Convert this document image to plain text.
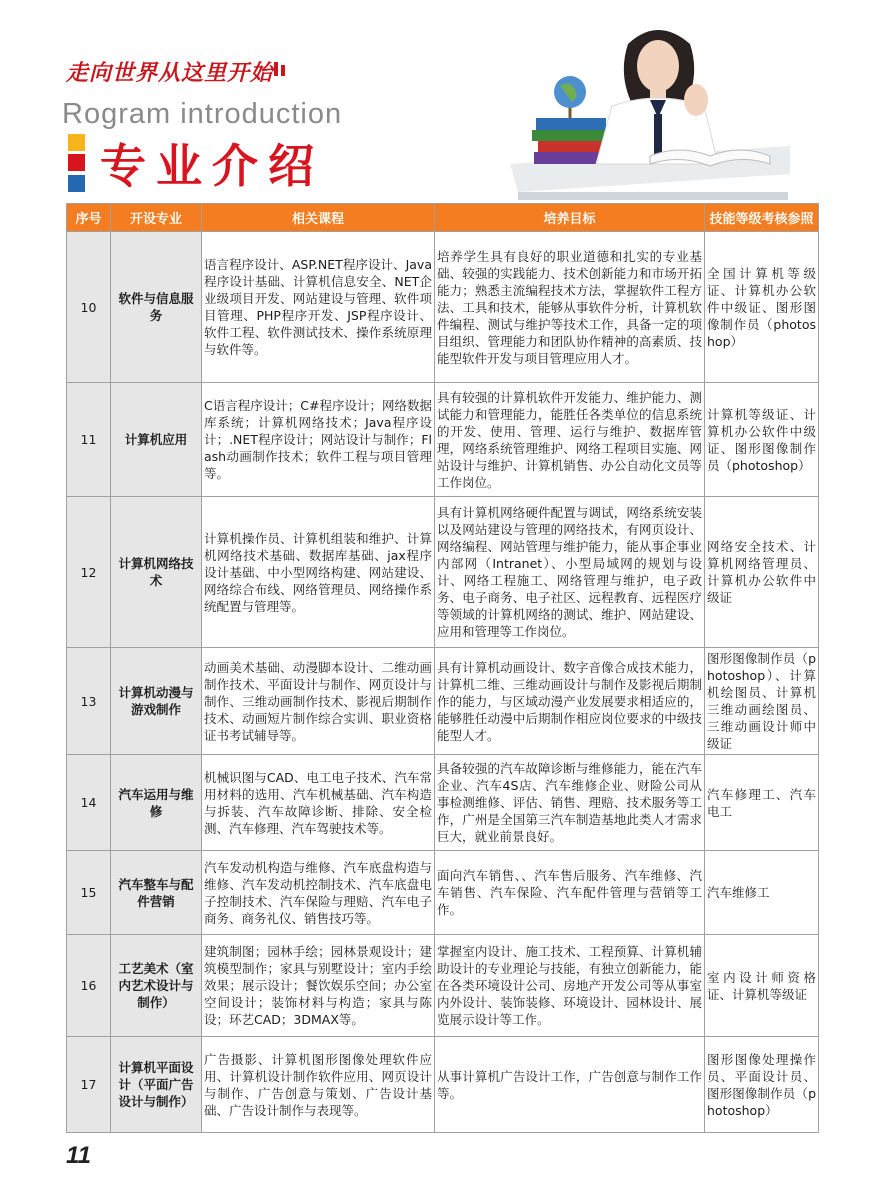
走向世界从这里开始
Rogram introduction
专业介绍
序号	开设专业	相关课程	培养目标	技能等级考核参照
10	软件与信息服务	语言程序设计、ASP.NET程序设计、Java程序设计基础、计算机信息安全、NET企业级项目开发、网站建设与管理、软件项目管理、PHP程序开发、JSP程序设计、软件工程、软件测试技术、操作系统原理与软件等。	培养学生具有良好的职业道德和扎实的专业基础、较强的实践能力、技术创新能力和市场开拓能力；熟悉主流编程技术方法，掌握软件工程方法、工具和技术，能够从事软件分析，计算机软件编程、测试与维护等技术工作，具备一定的项目组织、管理能力和团队协作精神的高素质、技能型软件开发与项目管理应用人才。	全国计算机等级证、计算机办公软件中级证、图形图像制作员（photoshop）
11	计算机应用	C语言程序设计；C#程序设计；网络数据库系统；计算机网络技术；Java程序设计；.NET程序设计；网站设计与制作；Flash动画制作技术；软件工程与项目管理等。	具有较强的计算机软件开发能力、维护能力、测试能力和管理能力，能胜任各类单位的信息系统的开发、使用、管理、运行与维护、数据库管理，网络系统管理维护、网络工程项目实施、网站设计与维护、计算机销售、办公自动化文员等工作岗位。	计算机等级证、计算机办公软件中级证、图形图像制作员（photoshop）
12	计算机网络技术	计算机操作员、计算机组装和维护、计算机网络技术基础、数据库基础、jax程序设计基础、中小型网络构建、网站建设、网络综合布线、网络管理员、网络操作系统配置与管理等。	具有计算机网络硬件配置与调试，网络系统安装以及网站建设与管理的网络技术，有网页设计、网络编程、网站管理与维护能力，能从事企事业内部网（Intranet）、小型局域网的规划与设计、网络工程施工、网络管理与维护，电子政务、电子商务、电子社区、远程教育、远程医疗等领域的计算机网络的测试、维护、网站建设、应用和管理等工作岗位。	网络安全技术、计算机网络管理员、计算机办公软件中级证
13	计算机动漫与游戏制作	动画美术基础、动漫脚本设计、二维动画制作技术、平面设计与制作、网页设计与制作、三维动画制作技术、影视后期制作技术、动画短片制作综合实训、职业资格证书考试辅导等。	具有计算机动画设计、数字音像合成技术能力，计算机二维、三维动画设计与制作及影视后期制作的能力，与区域动漫产业发展要求相适应的，能够胜任动漫中后期制作相应岗位要求的中级技能型人才。	图形图像制作员（photoshop）、计算机绘图员、计算机三维动画绘图员、三维动画设计师中级证
14	汽车运用与维修	机械识图与CAD、电工电子技术、汽车常用材料的选用、汽车机械基础、汽车构造与拆装、汽车故障诊断、排除、安全检测、汽车修理、汽车驾驶技术等。	具备较强的汽车故障诊断与维修能力，能在汽车企业、汽车4S店、汽车维修企业、财险公司从事检测维修、评估、销售、理赔、技术服务等工作，广州是全国第三汽车制造基地此类人才需求巨大，就业前景良好。	汽车修理工、汽车电工
15	汽车整车与配件营销	汽车发动机构造与维修、汽车底盘构造与维修、汽车发动机控制技术、汽车底盘电子控制技术、汽车保险与理赔、汽车电子商务、商务礼仪、销售技巧等。	面向汽车销售、、汽车售后服务、汽车维修、汽车销售、汽车保险、汽车配件管理与营销等工作。	汽车维修工
16	工艺美术（室内艺术设计与制作）	建筑制图；园林手绘；园林景观设计；建筑模型制作；家具与别墅设计；室内手绘效果；展示设计；餐饮娱乐空间；办公室空间设计；装饰材料与构造；家具与陈设；环艺CAD；3DMAX等。	掌握室内设计、施工技术、工程预算、计算机辅助设计的专业理论与技能，有独立创新能力，能在各类环境设计公司、房地产开发公司等从事室内外设计、装饰装修、环境设计、园林设计、展览展示设计等工作。	室内设计师资格证、计算机等级证
17	计算机平面设计（平面广告设计与制作）	广告摄影、计算机图形图像处理软件应用、计算机设计制作软件应用、网页设计与制作、广告创意与策划、广告设计基础、广告设计制作与表现等。	从事计算机广告设计工作，广告创意与制作工作等。	图形图像处理操作员、平面设计员、图形图像制作员（photoshop）
11
